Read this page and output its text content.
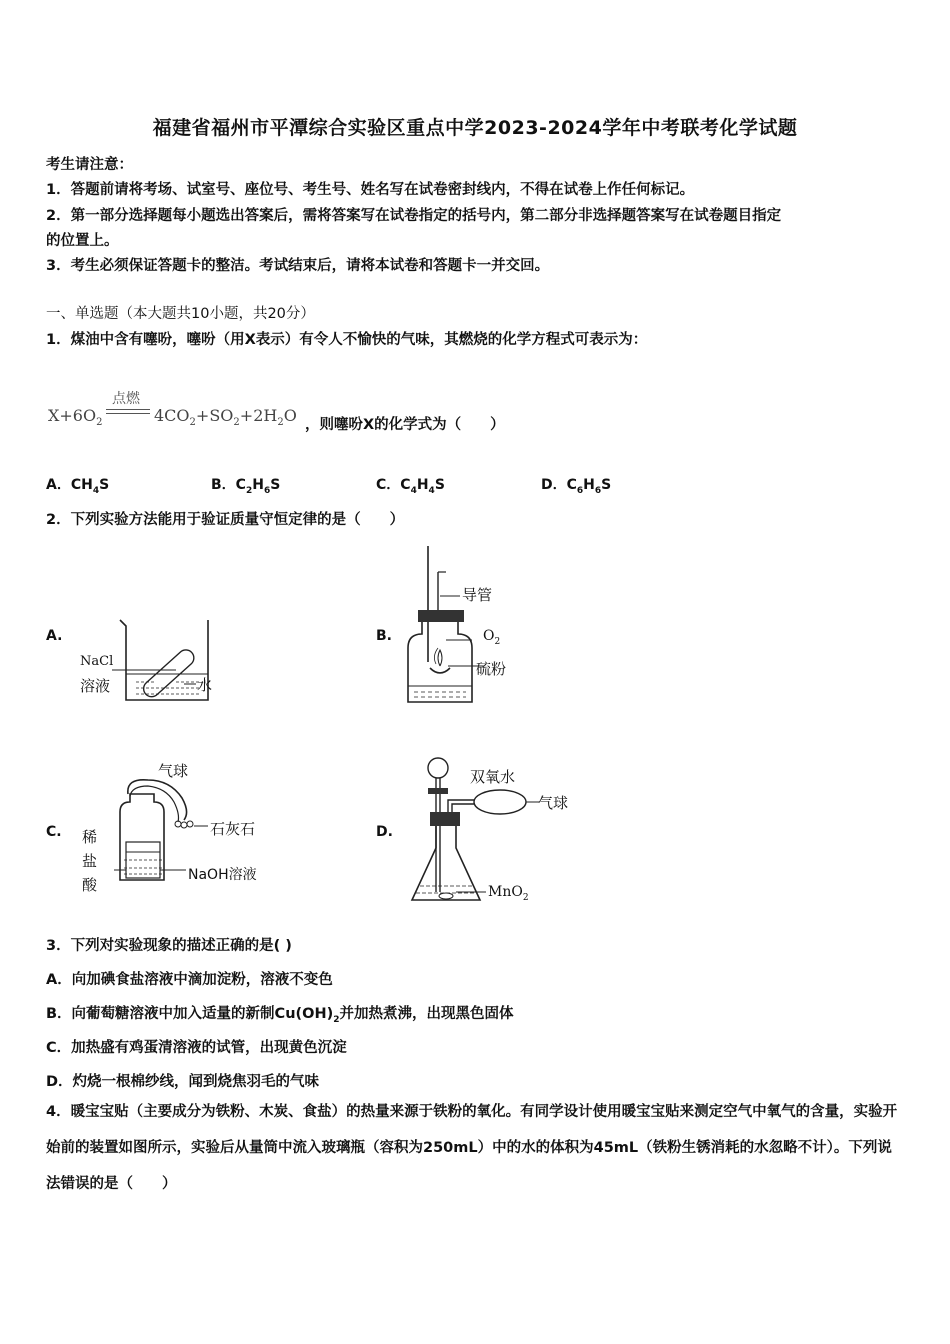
福建省福州市平潭综合实验区重点中学2023-2024学年中考联考化学试题
考生请注意：
1．答题前请将考场、试室号、座位号、考生号、姓名写在试卷密封线内，不得在试卷上作任何标记。
2．第一部分选择题每小题选出答案后，需将答案写在试卷指定的括号内，第二部分非选择题答案写在试卷题目指定
的位置上。
3．考生必须保证答题卡的整洁。考试结束后，请将本试卷和答题卡一并交回。
一、单选题（本大题共10小题，共20分）
1．煤油中含有噻吩，噻吩（用X表示）有令人不愉快的气味，其燃烧的化学方程式可表示为：
$X+6O_2$
点燃
$4CO_2+SO_2+2H_2O$ ，则噻吩X的化学式为（　　）
A．$CH_4S$	B．$C_2H_6S$	C．$C_4H_4S$	D．$C_6H_6S$
2．下列实验方法能用于验证质量守恒定律的是（　　）
A.	B.
C.	D.
NaCl
溶液	水
导管
$O_2$
硫粉
气球
石灰石
稀
盐
酸
NaOH溶液
双氧水
气球
MnO$_2$
3．下列对实验现象的描述正确的是( )
A．向加碘食盐溶液中滴加淀粉，溶液不变色
B．向葡萄糖溶液中加入适量的新制$Cu(OH)_2$并加热煮沸，出现黑色固体
C．加热盛有鸡蛋清溶液的试管，出现黄色沉淀
D．灼烧一根棉纱线，闻到烧焦羽毛的气味
4．暖宝宝贴（主要成分为铁粉、木炭、食盐）的热量来源于铁粉的氧化。有同学设计使用暖宝宝贴来测定空气中氧气的含量，实验开始前的装置如图所示，实验后从量筒中流入玻璃瓶（容积为250mL）中的水的体积为45mL（铁粉生锈消耗的水忽略不计）。下列说法错误的是（　　）
